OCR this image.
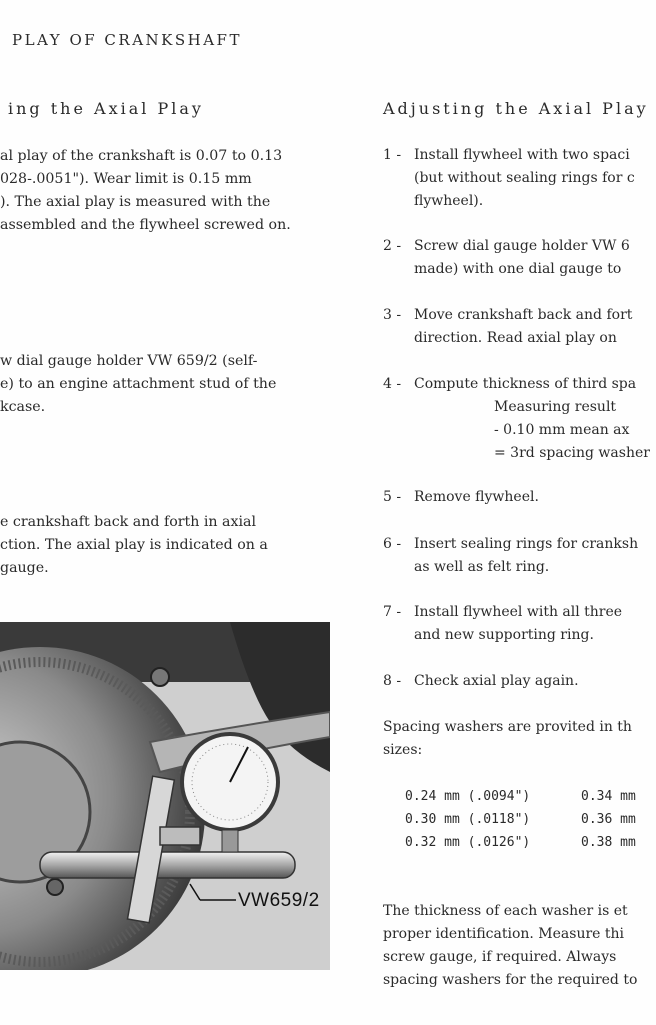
PLAY OF CRANKSHAFT
ing the Axial Play
al play of the crankshaft is 0.07 to 0.13
028-.0051"). Wear limit is 0.15 mm
). The axial play is measured with the
assembled and the flywheel screwed on.
w dial gauge holder VW 659/2 (self-
e) to an engine attachment stud of the
kcase.
e crankshaft back and forth in axial
ction. The axial play is indicated on a
gauge.
VW659/2
Adjusting the Axial Play
1 - Install flywheel with two spaci
(but without sealing rings for c
flywheel).
2 - Screw dial gauge holder VW 6
made) with one dial gauge to
3 - Move crankshaft back and fort
direction. Read axial play on
4 - Compute thickness of third spa
Measuring result
- 0.10 mm mean ax
= 3rd spacing washer
5 - Remove flywheel.
6 - Insert sealing rings for cranksh
as well as felt ring.
7 - Install flywheel with all three
and new supporting ring.
8 - Check axial play again.
Spacing washers are provited in th
sizes:
0.24 mm (.0094")	0.34 mm
0.30 mm (.0118")	0.36 mm
0.32 mm (.0126")	0.38 mm
The thickness of each washer is et
proper identification. Measure thi
screw gauge, if required. Always
spacing washers for the required to
